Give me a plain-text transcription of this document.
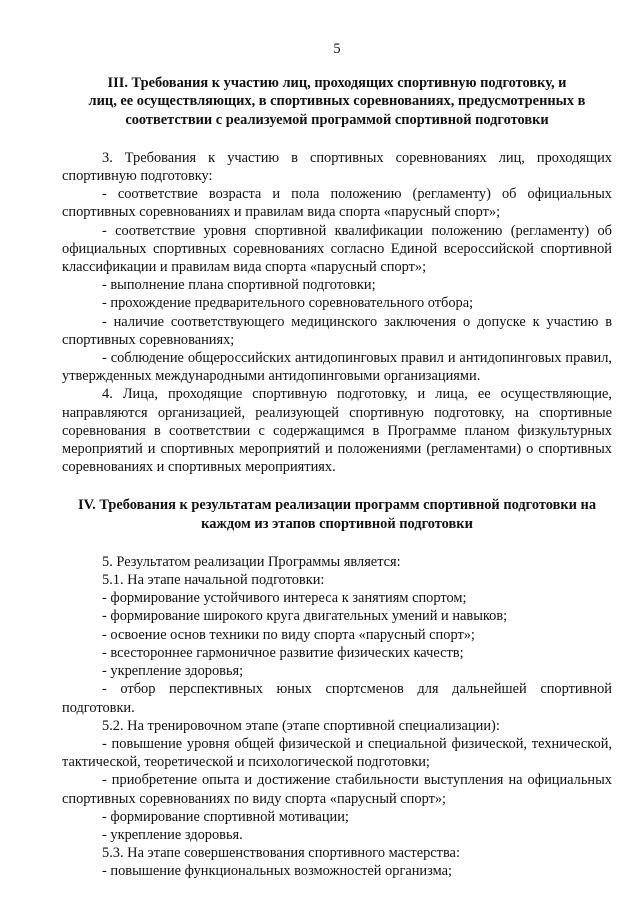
5

III. Требования к участию лиц, проходящих спортивную подготовку, и

лиц, ее осуществляющих, в спортивных соревнованиях, предусмотренных в

соответствии с реализуемой программой спортивной подготовки

3. Требования к участию в спортивных соревнованиях лиц, проходящих спортивную подготовку:

- соответствие возраста и пола положению (регламенту) об официальных спортивных соревнованиях и правилам вида спорта «парусный спорт»;

- соответствие уровня спортивной квалификации положению (регламенту) об официальных спортивных соревнованиях согласно Единой всероссийской спортивной классификации и правилам вида спорта «парусный спорт»;

- выполнение плана спортивной подготовки;

- прохождение предварительного соревновательного отбора;

- наличие соответствующего медицинского заключения о допуске к участию в спортивных соревнованиях;

- соблюдение общероссийских антидопинговых правил и антидопинговых правил, утвержденных международными антидопинговыми организациями.

4. Лица, проходящие спортивную подготовку, и лица, ее осуществляющие, направляются организацией, реализующей спортивную подготовку, на спортивные соревнования в соответствии с содержащимся в Программе планом физкультурных мероприятий и спортивных мероприятий и положениями (регламентами) о спортивных соревнованиях и спортивных мероприятиях.

IV. Требования к результатам реализации программ спортивной подготовки на

каждом из этапов спортивной подготовки

5. Результатом реализации Программы является:

5.1. На этапе начальной подготовки:

- формирование устойчивого интереса к занятиям спортом;

- формирование широкого круга двигательных умений и навыков;

- освоение основ техники по виду спорта «парусный спорт»;

- всестороннее гармоничное развитие физических качеств;

- укрепление здоровья;

- отбор перспективных юных спортсменов для дальнейшей спортивной подготовки.

5.2. На тренировочном этапе (этапе спортивной специализации):

- повышение уровня общей физической и специальной физической, технической, тактической, теоретической и психологической подготовки;

- приобретение опыта и достижение стабильности выступления на официальных спортивных соревнованиях по виду спорта «парусный спорт»;

- формирование спортивной мотивации;

- укрепление здоровья.

5.3. На этапе совершенствования спортивного мастерства:

- повышение функциональных возможностей организма;
